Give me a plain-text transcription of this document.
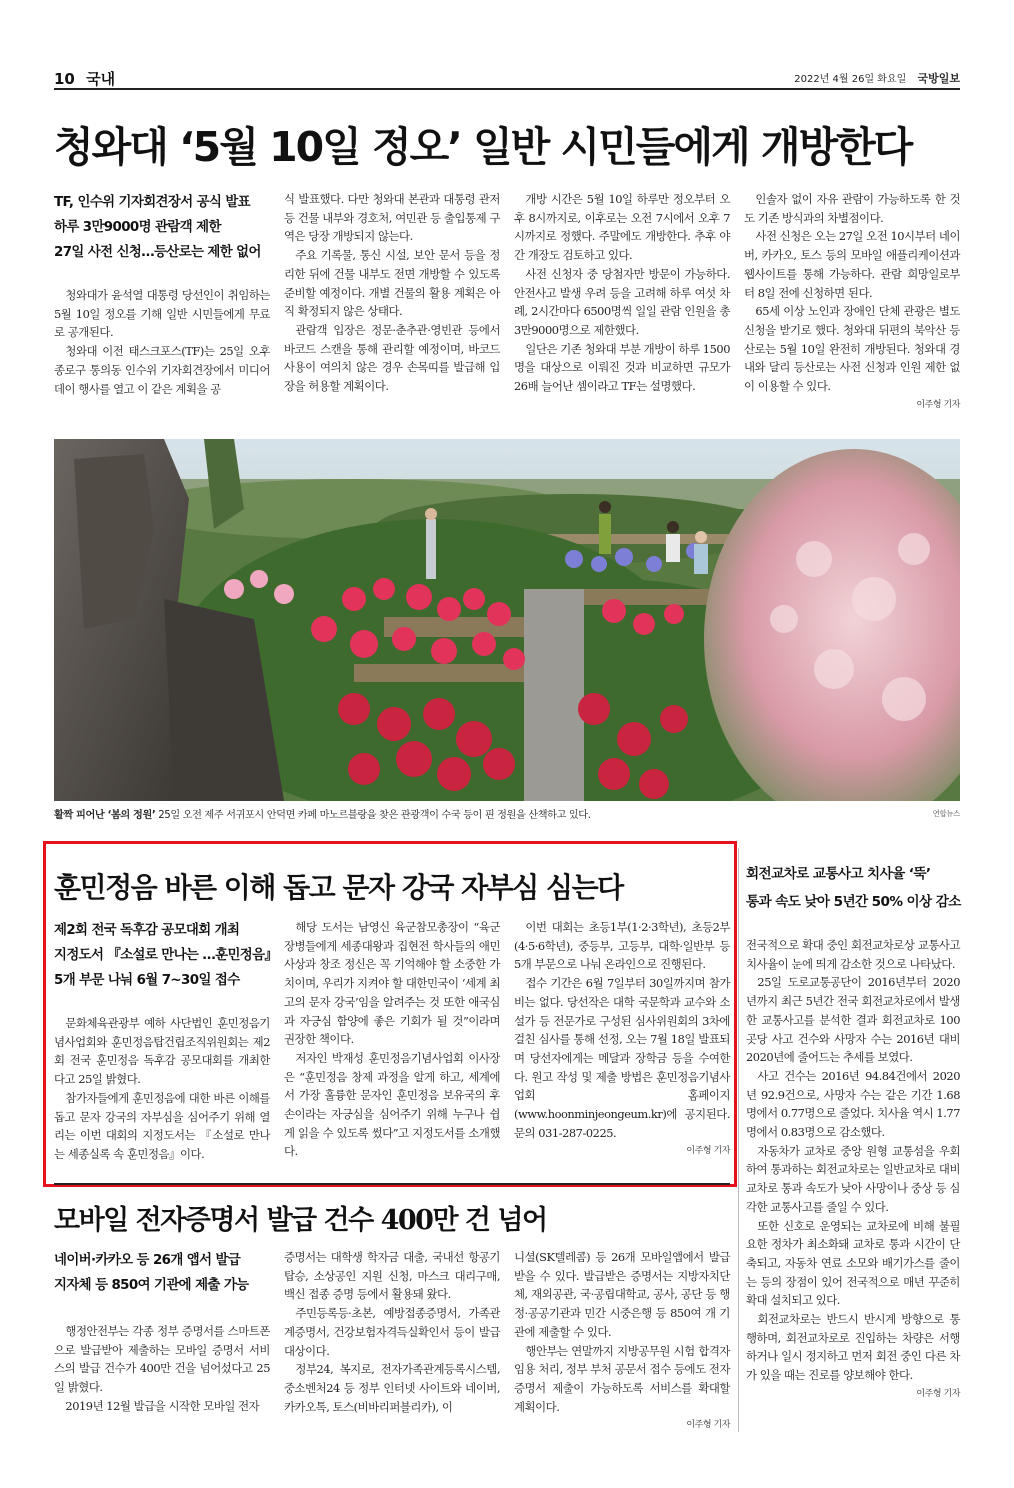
10 국내	2022년 4월 26일 화요일 국방일보
청와대 ‘5월 10일 정오’ 일반 시민들에게 개방한다
TF, 인수위 기자회견장서 공식 발표
하루 3만9000명 관람객 제한
27일 사전 신청…등산로는 제한 없어

청와대가 윤석열 대통령 당선인이 취임하는 5월 10일 정오를 기해 일반 시민들에게 무료로 공개된다.

청와대 이전 태스크포스(TF)는 25일 오후 종로구 통의동 인수위 기자회견장에서 미디어데이 행사를 열고 이 같은 계획을 공

식 발표했다. 다만 청와대 본관과 대통령 관저 등 건물 내부와 경호처, 여민관 등 출입통제 구역은 당장 개방되지 않는다.

주요 기록물, 통신 시설, 보안 문서 등을 정리한 뒤에 건물 내부도 전면 개방할 수 있도록 준비할 예정이다. 개별 건물의 활용 계획은 아직 확정되지 않은 상태다.

관람객 입장은 정문·춘추관·영빈관 등에서 바코드 스캔을 통해 관리할 예정이며, 바코드 사용이 여의치 않은 경우 손목띠를 발급해 입장을 허용할 계획이다.

개방 시간은 5월 10일 하루만 정오부터 오후 8시까지로, 이후로는 오전 7시에서 오후 7시까지로 정했다. 주말에도 개방한다. 추후 야간 개장도 검토하고 있다.

사전 신청자 중 당첨자만 방문이 가능하다. 안전사고 발생 우려 등을 고려해 하루 여섯 차례, 2시간마다 6500명씩 일일 관람 인원을 총 3만9000명으로 제한했다.

일단은 기존 청와대 부분 개방이 하루 1500명을 대상으로 이뤄진 것과 비교하면 규모가 26배 늘어난 셈이라고 TF는 설명했다.

인솔자 없이 자유 관람이 가능하도록 한 것도 기존 방식과의 차별점이다.

사전 신청은 오는 27일 오전 10시부터 네이버, 카카오, 토스 등의 모바일 애플리케이션과 웹사이트를 통해 가능하다. 관람 희망일로부터 8일 전에 신청하면 된다.

65세 이상 노인과 장애인 단체 관광은 별도 신청을 받기로 했다. 청와대 뒤편의 북악산 등산로는 5월 10일 완전히 개방된다. 청와대 경내와 달리 등산로는 사전 신청과 인원 제한 없이 이용할 수 있다.

이주형 기자
활짝 피어난 ‘봄의 정원’ 25일 오전 제주 서귀포시 안덕면 카페 마노르블랑을 찾은 관광객이 수국 등이 핀 정원을 산책하고 있다.	연합뉴스
훈민정음 바른 이해 돕고 문자 강국 자부심 심는다
제2회 전국 독후감 공모대회 개최
지정도서 『소설로 만나는 …훈민정음』
5개 부문 나눠 6월 7~30일 접수

문화체육관광부 예하 사단법인 훈민정음기념사업회와 훈민정음탑건립조직위원회는 제2회 전국 훈민정음 독후감 공모대회를 개최한다고 25일 밝혔다.

참가자들에게 훈민정음에 대한 바른 이해를 돕고 문자 강국의 자부심을 심어주기 위해 열리는 이번 대회의 지정도서는 『소설로 만나는 세종실록 속 훈민정음』이다.

해당 도서는 남영신 육군참모총장이 “육군장병들에게 세종대왕과 집현전 학사들의 애민 사상과 창조 정신은 꼭 기억해야 할 소중한 가치이며, 우리가 지켜야 할 대한민국이 ‘세계 최고의 문자 강국’임을 알려주는 것 또한 애국심과 자긍심 함양에 좋은 기회가 될 것”이라며 권장한 책이다.

저자인 박재성 훈민정음기념사업회 이사장은 “훈민정음 창제 과정을 알게 하고, 세계에서 가장 훌륭한 문자인 훈민정음 보유국의 후손이라는 자긍심을 심어주기 위해 누구나 쉽게 읽을 수 있도록 썼다”고 지정도서를 소개했다.

이번 대회는 초등1부(1·2·3학년), 초등2부(4·5·6학년), 중등부, 고등부, 대학·일반부 등 5개 부문으로 나눠 온라인으로 진행된다.

접수 기간은 6월 7일부터 30일까지며 참가비는 없다. 당선작은 대학 국문학과 교수와 소설가 등 전문가로 구성된 심사위원회의 3차에 걸친 심사를 통해 선정, 오는 7월 18일 발표되며 당선자에게는 메달과 장학금 등을 수여한다. 원고 작성 및 제출 방법은 훈민정음기념사업회 홈페이지(www.hoonminjeongeum.kr)에 공지된다. 문의 031-287-0225.

이주형 기자
모바일 전자증명서 발급 건수 400만 건 넘어
네이버·카카오 등 26개 앱서 발급
지자체 등 850여 기관에 제출 가능

행정안전부는 각종 정부 증명서를 스마트폰으로 발급받아 제출하는 모바일 증명서 서비스의 발급 건수가 400만 건을 넘어섰다고 25일 밝혔다.

2019년 12월 발급을 시작한 모바일 전자

증명서는 대학생 학자금 대출, 국내선 항공기 탑승, 소상공인 지원 신청, 마스크 대리구매, 백신 접종 증명 등에서 활용돼 왔다.

주민등록등·초본, 예방접종증명서, 가족관계증명서, 건강보험자격득실확인서 등이 발급 대상이다.

정부24, 복지로, 전자가족관계등록시스템, 중소벤처24 등 정부 인터넷 사이트와 네이버, 카카오톡, 토스(비바리퍼블리카), 이

니셜(SK텔레콤) 등 26개 모바일앱에서 발급받을 수 있다. 발급받은 증명서는 지방자치단체, 재외공관, 국·공립대학교, 공사, 공단 등 행정·공공기관과 민간 시중은행 등 850여 개 기관에 제출할 수 있다.

행안부는 연말까지 지방공무원 시험 합격자 임용 처리, 정부 부처 공문서 접수 등에도 전자증명서 제출이 가능하도록 서비스를 확대할 계획이다.

이주형 기자
회전교차로 교통사고 치사율 ‘뚝’
통과 속도 낮아 5년간 50% 이상 감소

전국적으로 확대 중인 회전교차로상 교통사고 치사율이 눈에 띄게 감소한 것으로 나타났다.

25일 도로교통공단이 2016년부터 2020년까지 최근 5년간 전국 회전교차로에서 발생한 교통사고를 분석한 결과 회전교차로 100곳당 사고 건수와 사망자 수는 2016년 대비 2020년에 줄어드는 추세를 보였다.

사고 건수는 2016년 94.84건에서 2020년 92.9건으로, 사망자 수는 같은 기간 1.68명에서 0.77명으로 줄었다. 치사율 역시 1.77명에서 0.83명으로 감소했다.

자동차가 교차로 중앙 원형 교통섬을 우회하여 통과하는 회전교차로는 일반교차로 대비 교차로 통과 속도가 낮아 사망이나 중상 등 심각한 교통사고를 줄일 수 있다.

또한 신호로 운영되는 교차로에 비해 불필요한 정차가 최소화돼 교차로 통과 시간이 단축되고, 자동차 연료 소모와 배기가스를 줄이는 등의 장점이 있어 전국적으로 매년 꾸준히 확대 설치되고 있다.

회전교차로는 반드시 반시계 방향으로 통행하며, 회전교차로로 진입하는 차량은 서행하거나 일시 정지하고 먼저 회전 중인 다른 차가 있을 때는 진로를 양보해야 한다.

이주형 기자
